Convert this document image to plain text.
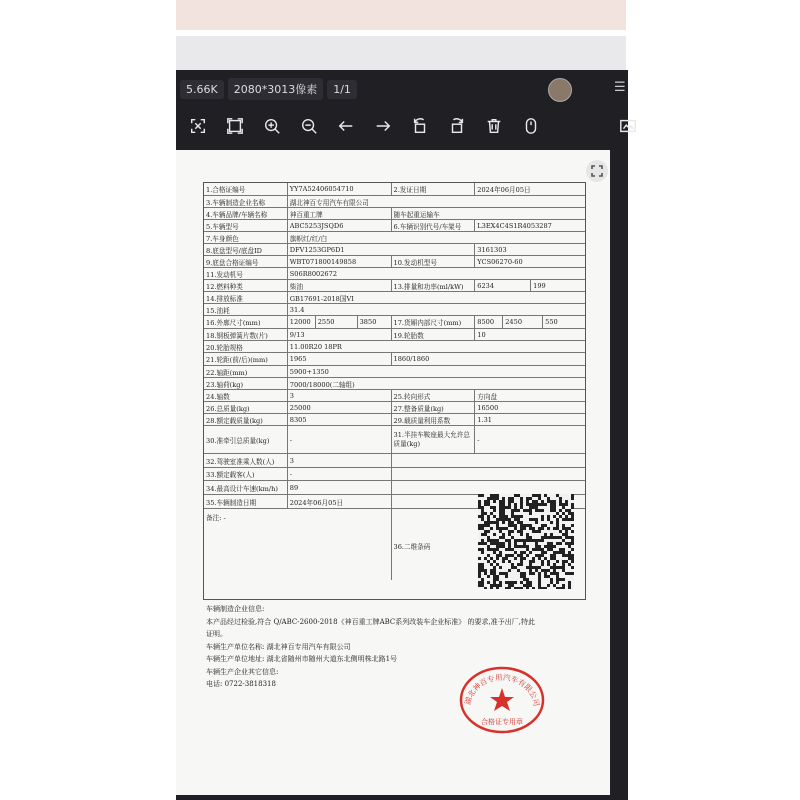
5.66K	2080*3013像素	1/1	☰
1.合格证编号	YY7A52406054710	2.发证日期	2024年06月05日
3.车辆制造企业名称	湖北神百专用汽车有限公司
4.车辆品牌/车辆名称	神百重工牌	随车起重运输车
5.车辆型号	ABC5253JSQD6	6.车辆识别代号/车架号	L3EX4C4S1R4053287
7.车身颜色	旗帜红/红/白
8.底盘型号/底盘ID	DFV1253GP6D1	3161303
9.底盘合格证编号	WBT071800149858	10.发动机型号	YCS06270-60
11.发动机号	S06R8002672
12.燃料种类	柴油	13.排量和功率(ml/kW)	6234	199
14.排放标准	GB17691-2018国VI
15.油耗	31.4
16.外廓尺寸(mm)	12000	2550	3850	17.货厢内部尺寸(mm)	8500	2450	550
18.钢板弹簧片数(片)	9/13	19.轮胎数	10
20.轮胎规格	11.00R20 18PR
21.轮距(前/后)(mm)	1965	1860/1860
22.轴距(mm)	5900+1350
23.轴荷(kg)	7000/18000(二轴组)
24.轴数	3	25.转向形式	方向盘
26.总质量(kg)	25000	27.整备质量(kg)	16500
28.额定载质量(kg)	8305	29.载质量利用系数	1.31
30.准牵引总质量(kg)	-
31.半挂车鞍座最大允许总质量(kg)	-
32.驾驶室准乘人数(人)	3
33.额定载客(人)	-
34.最高设计车速(km/h)	89
35.车辆制造日期	2024年06月05日
备注: -
36.二维条码
车辆制造企业信息:
本产品经过检验,符合 Q/ABC-2600-2018《神百重工牌ABC系列改装车企业标准》 的要求,准予出厂,特此
证明。
车辆生产单位名称: 湖北神百专用汽车有限公司
车辆生产单位地址: 湖北省随州市随州大道东北侧明株北路1号
车辆生产企业其它信息:
电话: 0722-3818318
湖北神百专用汽车有限公司
合格证专用章
